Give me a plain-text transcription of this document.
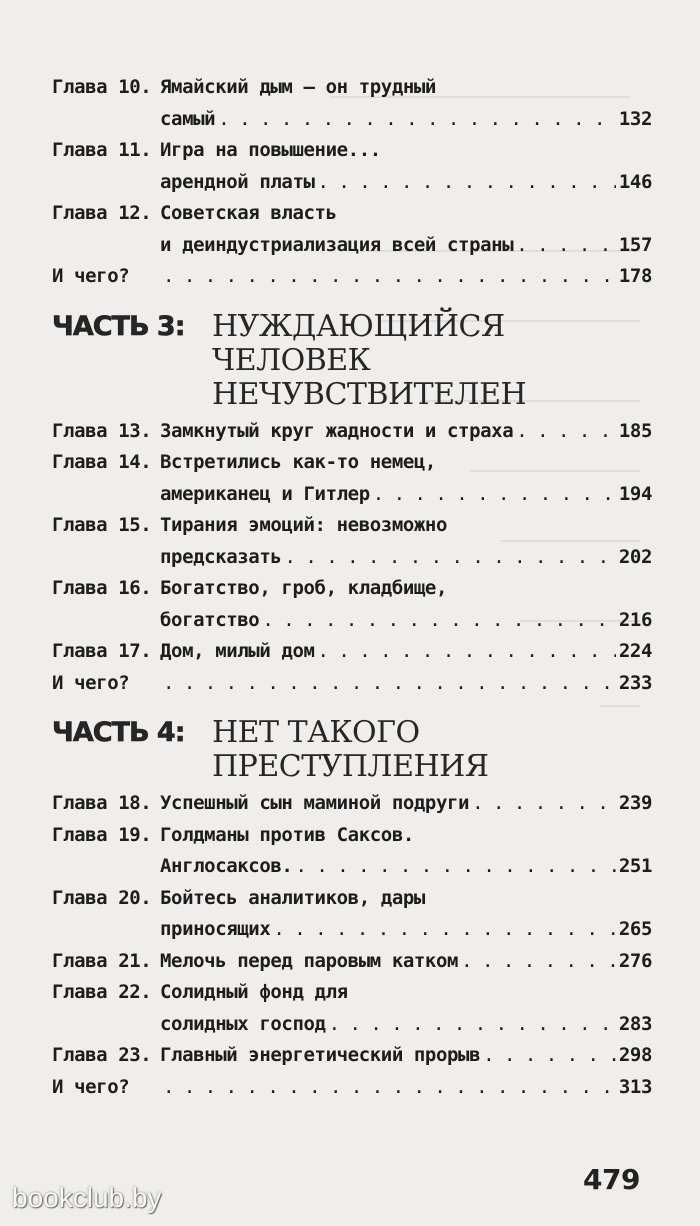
Глава 10. Ямайский дым — он трудный
самый . . .	132
Глава 11. Игра на повышение...
арендной платы . . .	146
Глава 12. Советская власть
и деиндустриализация всей страны . . .	157
И чего? . . .	178
ЧАСТЬ 3: НУЖДАЮЩИЙСЯ
ЧЕЛОВЕК
НЕЧУВСТВИТЕЛЕН
Глава 13. Замкнутый круг жадности и страха . . .	185
Глава 14. Встретились как-то немец,
американец и Гитлер . . .	194
Глава 15. Тирания эмоций: невозможно
предсказать . . .	202
Глава 16. Богатство, гроб, кладбище,
богатство . . .	216
Глава 17. Дом, милый дом . . .	224
И чего? . . .	233
ЧАСТЬ 4: НЕТ ТАКОГО
ПРЕСТУПЛЕНИЯ
Глава 18. Успешный сын маминой подруги . . .	239
Глава 19. Голдманы против Саксов.
Англосаксов. . . .	251
Глава 20. Бойтесь аналитиков, дары
приносящих . . .	265
Глава 21. Мелочь перед паровым катком . . .	276
Глава 22. Солидный фонд для
солидных господ . . .	283
Глава 23. Главный энергетический прорыв . . .	298
И чего? . . .	313
479
bookclub.by
